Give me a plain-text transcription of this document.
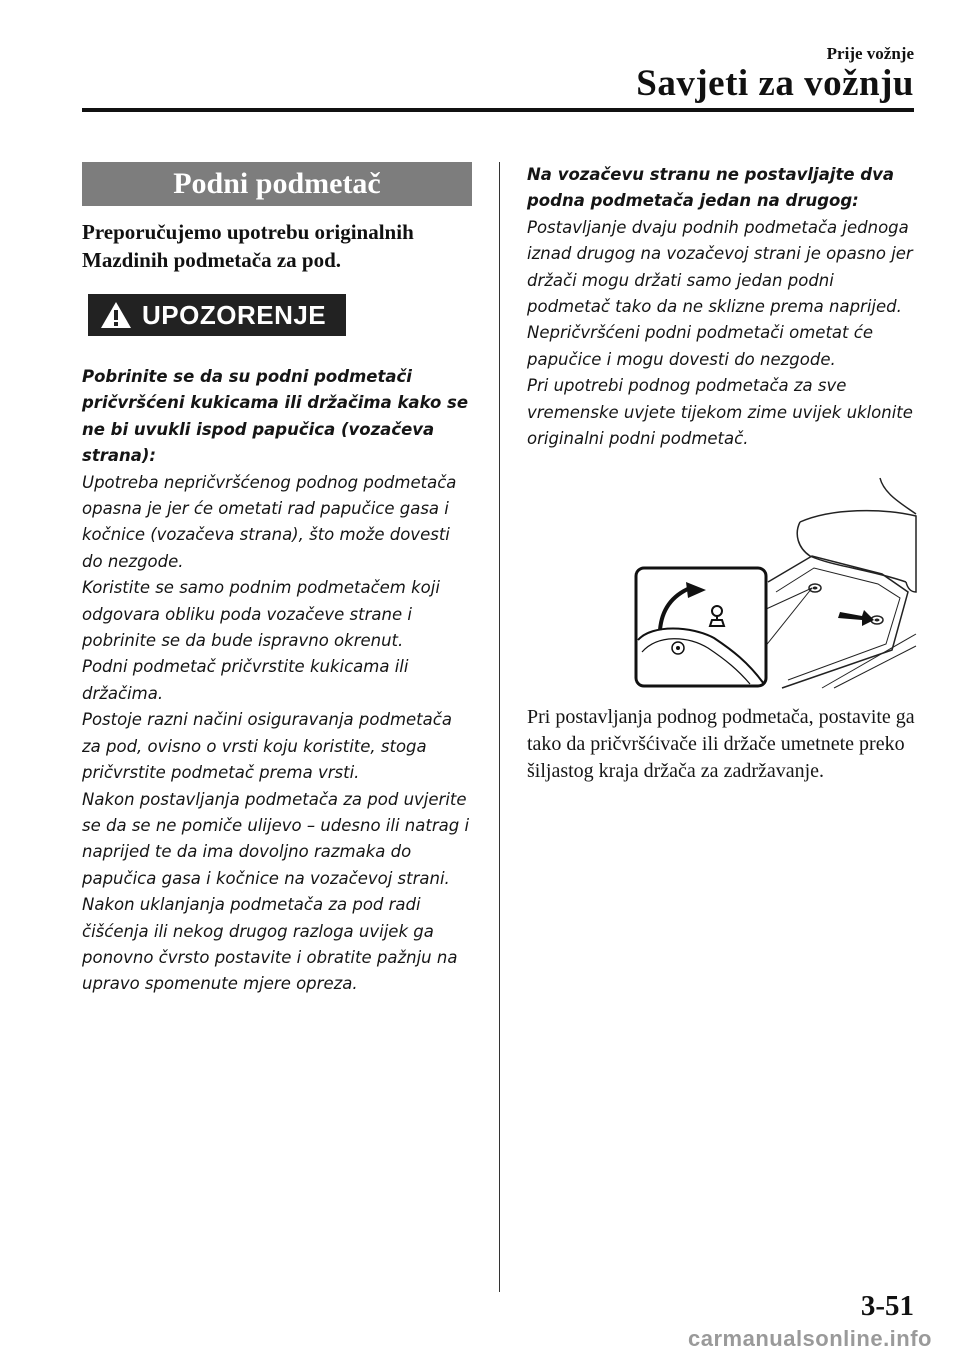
Prije vožnje
Savjeti za vožnju
Podni podmetač
Preporučujemo upotrebu originalnih Mazdinih podmetača za pod.
UPOZORENJE
Pobrinite se da su podni podmetači pričvršćeni kukicama ili držačima kako se ne bi uvukli ispod papučica (vozačeva strana):
Upotreba nepričvršćenog podnog podmetača opasna je jer će ometati rad papučice gasa i kočnice (vozačeva strana), što može dovesti do nezgode.
Koristite se samo podnim podmetačem koji odgovara obliku poda vozačeve strane i pobrinite se da bude ispravno okrenut.
Podni podmetač pričvrstite kukicama ili držačima.
Postoje razni načini osiguravanja podmetača za pod, ovisno o vrsti koju koristite, stoga pričvrstite podmetač prema vrsti.
Nakon postavljanja podmetača za pod uvjerite se da se ne pomiče ulijevo – udesno ili natrag i naprijed te da ima dovoljno razmaka do papučica gasa i kočnice na vozačevoj strani.
Nakon uklanjanja podmetača za pod radi čišćenja ili nekog drugog razloga uvijek ga ponovno čvrsto postavite i obratite pažnju na upravo spomenute mjere opreza.
Na vozačevu stranu ne postavljajte dva podna podmetača jedan na drugog:
Postavljanje dvaju podnih podmetača jednoga iznad drugog na vozačevoj strani je opasno jer držači mogu držati samo jedan podni podmetač tako da ne sklizne prema naprijed.
Nepričvršćeni podni podmetači ometat će papučice i mogu dovesti do nezgode.
Pri upotrebi podnog podmetača za sve vremenske uvjete tijekom zime uvijek uklonite originalni podni podmetač.
Pri postavljanja podnog podmetača, postavite ga tako da pričvršćivače ili držače umetnete preko šiljastog kraja držača za zadržavanje.
3-51
carmanualsonline.info
